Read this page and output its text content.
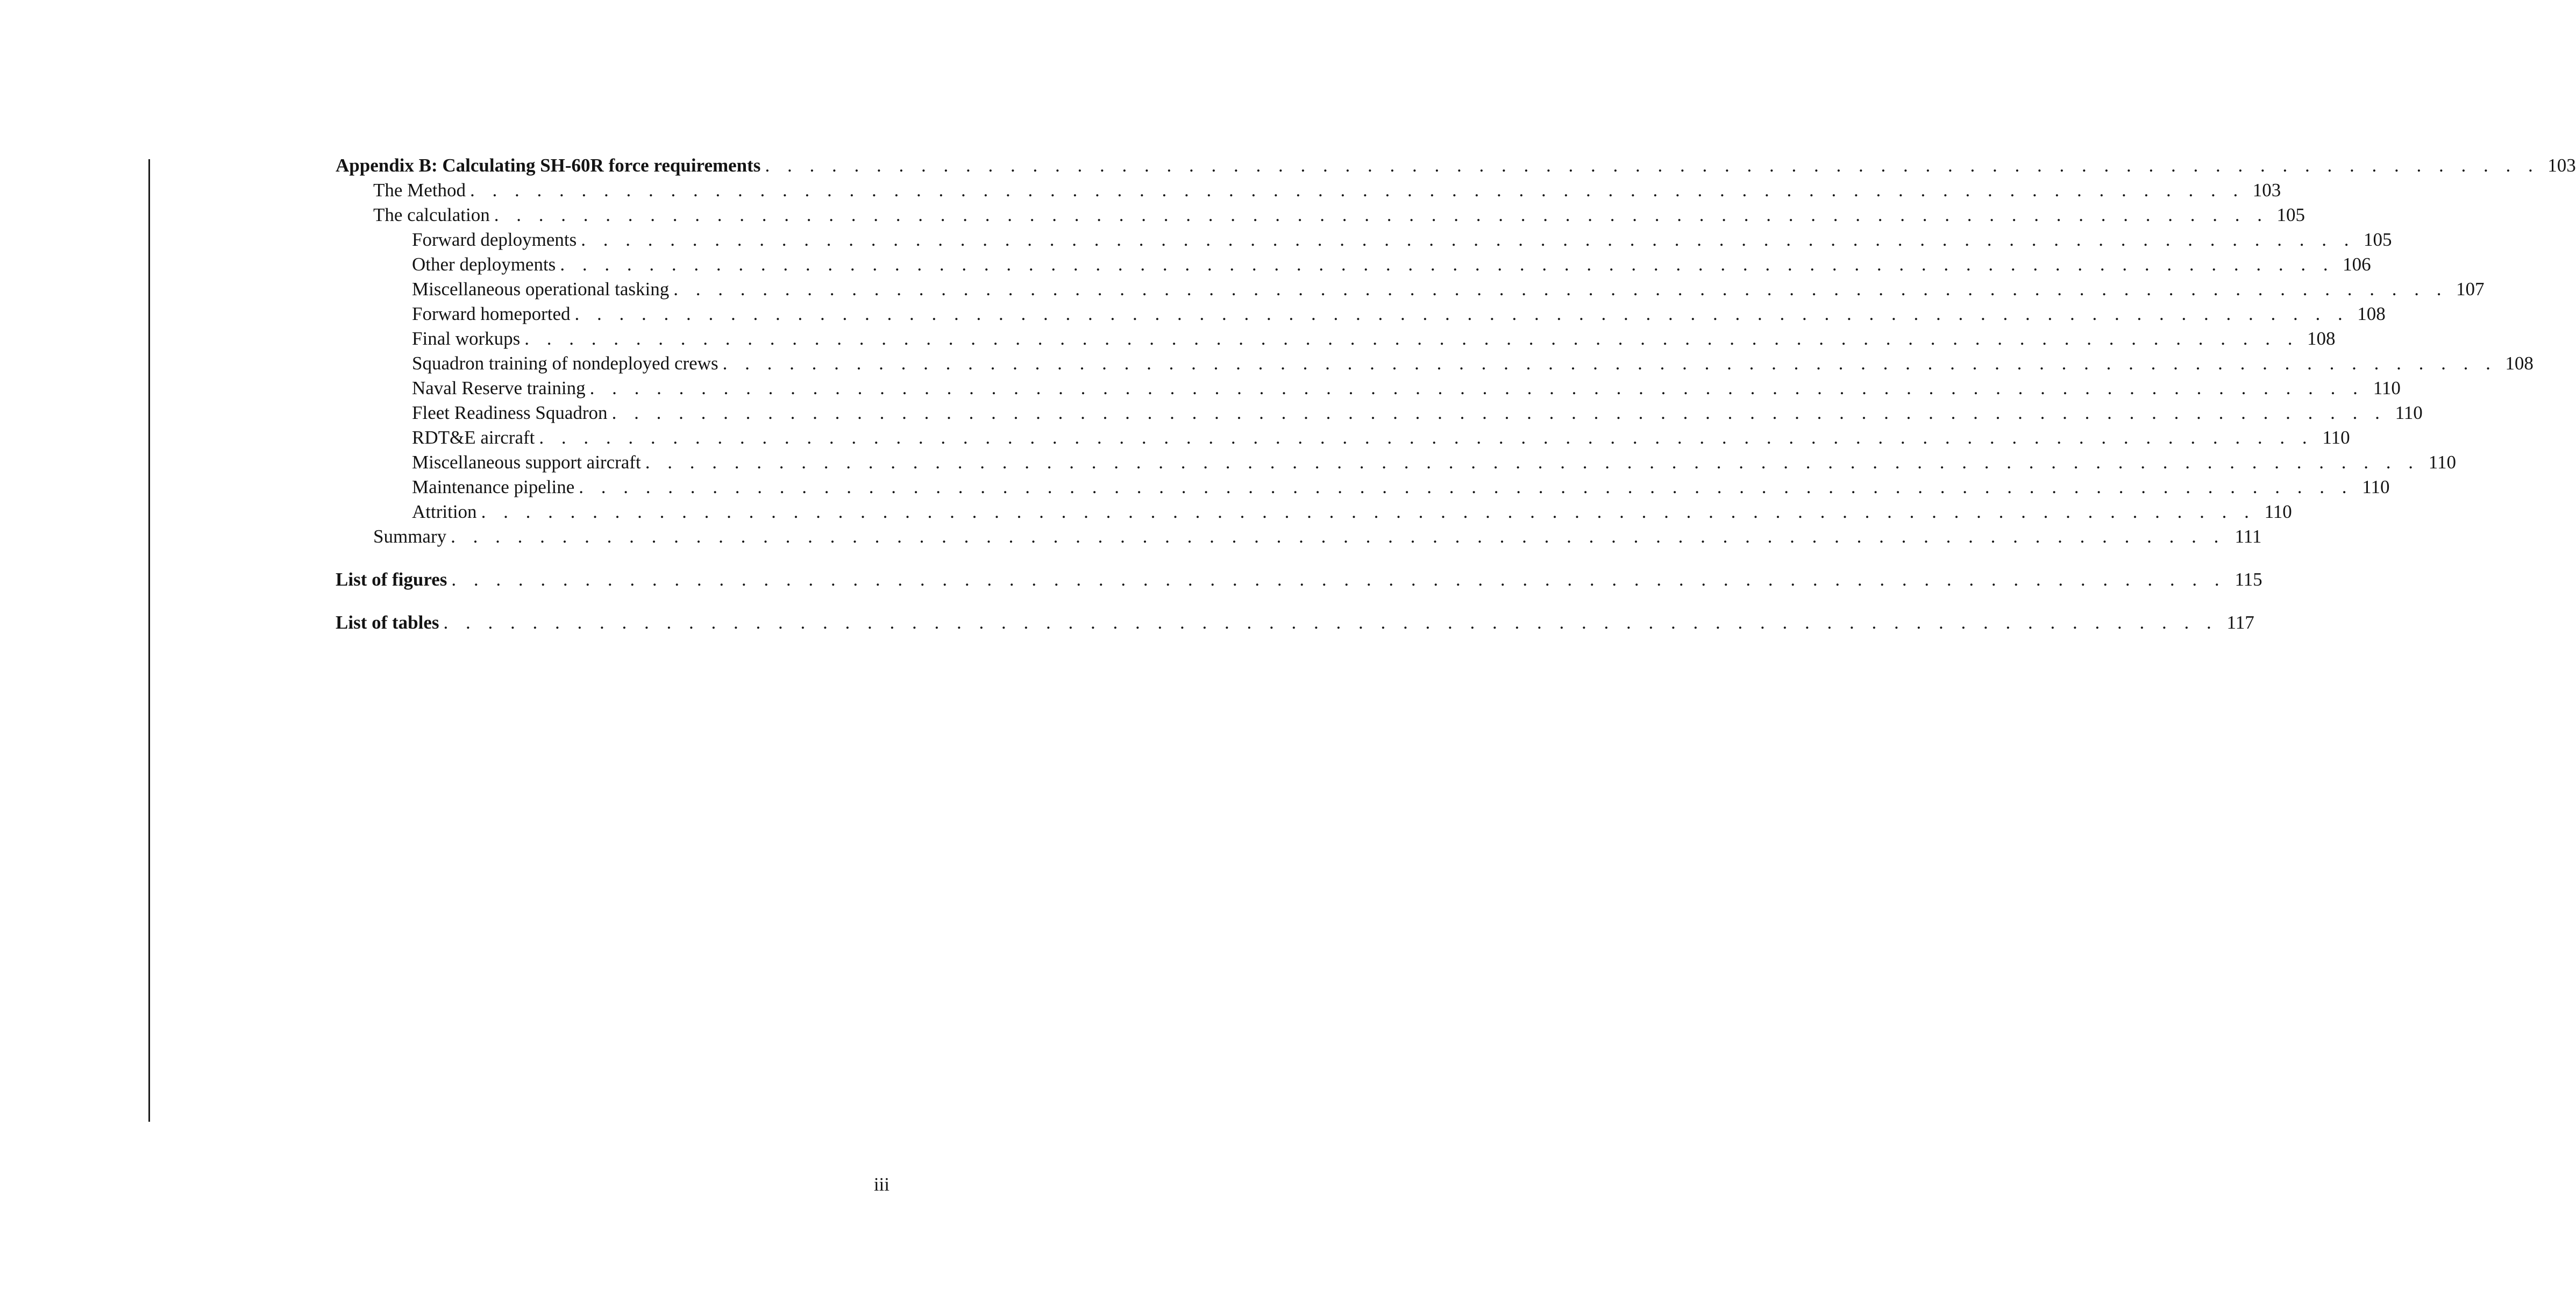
Appendix B: Calculating SH-60R force requirements . . . . . . . . . . . . . . . . . . . . . . . . . . . . . . . . . . . . . . . . . . . . . . . . . . . . . . . . . . . . . . . . . . . . . . . . . . . . . . . . 103
The Method . . . . . . . . . . . . . . . . . . . . . . . . . . . . . . . . . . . . . . . . . . . . . . . . . . . . . . . . . . . . . . . . . . . . . . . . . . . . . . . . 103
The calculation . . . . . . . . . . . . . . . . . . . . . . . . . . . . . . . . . . . . . . . . . . . . . . . . . . . . . . . . . . . . . . . . . . . . . . . . . . . . . . . . 105
Forward deployments . . . . . . . . . . . . . . . . . . . . . . . . . . . . . . . . . . . . . . . . . . . . . . . . . . . . . . . . . . . . . . . . . . . . . . . . . . . . . . . . 105
Other deployments . . . . . . . . . . . . . . . . . . . . . . . . . . . . . . . . . . . . . . . . . . . . . . . . . . . . . . . . . . . . . . . . . . . . . . . . . . . . . . . . 106
Miscellaneous operational tasking . . . . . . . . . . . . . . . . . . . . . . . . . . . . . . . . . . . . . . . . . . . . . . . . . . . . . . . . . . . . . . . . . . . . . . . . . . . . . . . . 107
Forward homeported . . . . . . . . . . . . . . . . . . . . . . . . . . . . . . . . . . . . . . . . . . . . . . . . . . . . . . . . . . . . . . . . . . . . . . . . . . . . . . . . 108
Final workups . . . . . . . . . . . . . . . . . . . . . . . . . . . . . . . . . . . . . . . . . . . . . . . . . . . . . . . . . . . . . . . . . . . . . . . . . . . . . . . . 108
Squadron training of nondeployed crews . . . . . . . . . . . . . . . . . . . . . . . . . . . . . . . . . . . . . . . . . . . . . . . . . . . . . . . . . . . . . . . . . . . . . . . . . . . . . . . . 108
Naval Reserve training . . . . . . . . . . . . . . . . . . . . . . . . . . . . . . . . . . . . . . . . . . . . . . . . . . . . . . . . . . . . . . . . . . . . . . . . . . . . . . . . 110
Fleet Readiness Squadron . . . . . . . . . . . . . . . . . . . . . . . . . . . . . . . . . . . . . . . . . . . . . . . . . . . . . . . . . . . . . . . . . . . . . . . . . . . . . . . . 110
RDT&E aircraft . . . . . . . . . . . . . . . . . . . . . . . . . . . . . . . . . . . . . . . . . . . . . . . . . . . . . . . . . . . . . . . . . . . . . . . . . . . . . . . . 110
Miscellaneous support aircraft . . . . . . . . . . . . . . . . . . . . . . . . . . . . . . . . . . . . . . . . . . . . . . . . . . . . . . . . . . . . . . . . . . . . . . . . . . . . . . . . 110
Maintenance pipeline . . . . . . . . . . . . . . . . . . . . . . . . . . . . . . . . . . . . . . . . . . . . . . . . . . . . . . . . . . . . . . . . . . . . . . . . . . . . . . . . 110
Attrition . . . . . . . . . . . . . . . . . . . . . . . . . . . . . . . . . . . . . . . . . . . . . . . . . . . . . . . . . . . . . . . . . . . . . . . . . . . . . . . . 110
Summary . . . . . . . . . . . . . . . . . . . . . . . . . . . . . . . . . . . . . . . . . . . . . . . . . . . . . . . . . . . . . . . . . . . . . . . . . . . . . . . . 111
List of figures . . . . . . . . . . . . . . . . . . . . . . . . . . . . . . . . . . . . . . . . . . . . . . . . . . . . . . . . . . . . . . . . . . . . . . . . . . . . . . . . 115
List of tables . . . . . . . . . . . . . . . . . . . . . . . . . . . . . . . . . . . . . . . . . . . . . . . . . . . . . . . . . . . . . . . . . . . . . . . . . . . . . . . . 117
iii
